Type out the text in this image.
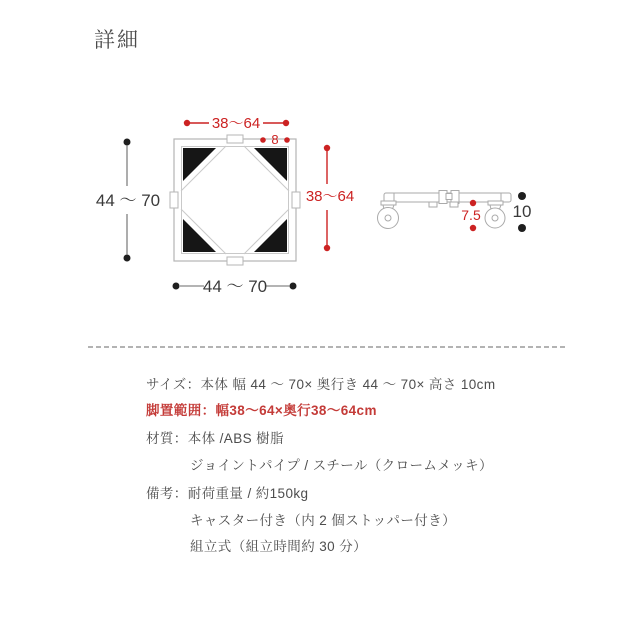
詳細
38～64
8
44 ～ 70	38～64
44 ～ 70
7.5 10

サイズ：本体 幅 44 ～ 70× 奥行き 44 ～ 70× 高さ 10cm

脚置範囲：幅38～64×奥行38～64cm

材質：本体 /ABS 樹脂

ジョイントパイプ / スチール（クロームメッキ）

備考：耐荷重量 / 約150kg

キャスター付き（内 2 個ストッパー付き）

組立式（組立時間約 30 分）
